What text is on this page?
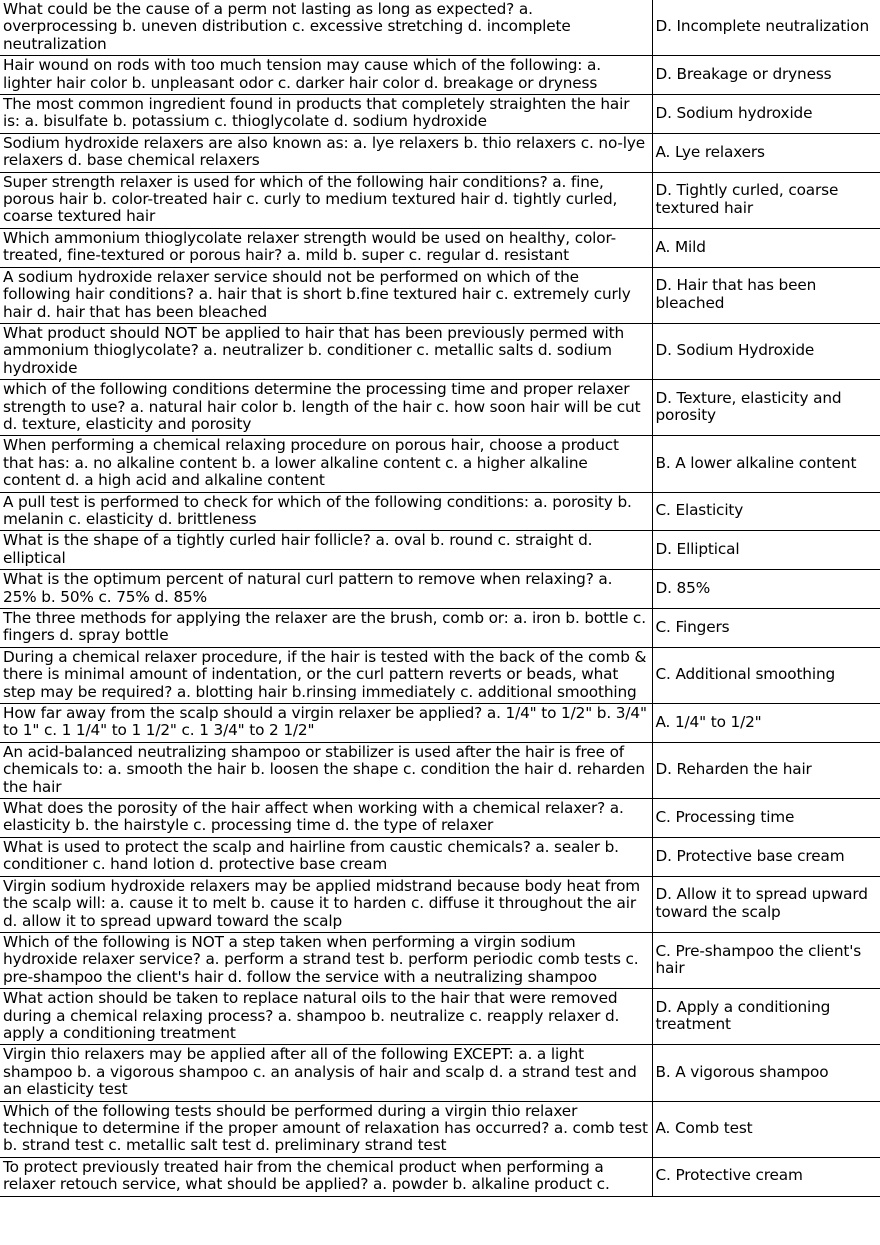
What could be the cause of a perm not lasting as long as expected? a. overprocessing b. uneven distribution c. excessive stretching d. incomplete neutralization	D. Incomplete neutralization
Hair wound on rods with too much tension may cause which of the following: a. lighter hair color b. unpleasant odor c. darker hair color d. breakage or dryness	D. Breakage or dryness
The most common ingredient found in products that completely straighten the hair is: a. bisulfate b. potassium c. thioglycolate d. sodium hydroxide	D. Sodium hydroxide
Sodium hydroxide relaxers are also known as: a. lye relaxers b. thio relaxers c. no-lye relaxers d. base chemical relaxers	A. Lye relaxers
Super strength relaxer is used for which of the following hair conditions? a. fine, porous hair b. color-treated hair c. curly to medium textured hair d. tightly curled, coarse textured hair	D. Tightly curled, coarse textured hair
Which ammonium thioglycolate relaxer strength would be used on healthy, color-treated, fine-textured or porous hair? a. mild b. super c. regular d. resistant	A. Mild
A sodium hydroxide relaxer service should not be performed on which of the following hair conditions? a. hair that is short b.fine textured hair c. extremely curly hair d. hair that has been bleached	D. Hair that has been bleached
What product should NOT be applied to hair that has been previously permed with ammonium thioglycolate? a. neutralizer b. conditioner c. metallic salts d. sodium hydroxide	D. Sodium Hydroxide
which of the following conditions determine the processing time and proper relaxer strength to use? a. natural hair color b. length of the hair c. how soon hair will be cut d. texture, elasticity and porosity	D. Texture, elasticity and porosity
When performing a chemical relaxing procedure on porous hair, choose a product that has: a. no alkaline content b. a lower alkaline content c. a higher alkaline content d. a high acid and alkaline content	B. A lower alkaline content
A pull test is performed to check for which of the following conditions: a. porosity b. melanin c. elasticity d. brittleness	C. Elasticity
What is the shape of a tightly curled hair follicle? a. oval b. round c. straight d. elliptical	D. Elliptical
What is the optimum percent of natural curl pattern to remove when relaxing? a. 25% b. 50% c. 75% d. 85%	D. 85%
The three methods for applying the relaxer are the brush, comb or: a. iron b. bottle c. fingers d. spray bottle	C. Fingers
During a chemical relaxer procedure, if the hair is tested with the back of the comb & there is minimal amount of indentation, or the curl pattern reverts or beads, what step may be required? a. blotting hair b.rinsing immediately c. additional smoothing	C. Additional smoothing
How far away from the scalp should a virgin relaxer be applied? a. 1/4" to 1/2" b. 3/4" to 1" c. 1 1/4" to 1 1/2" c. 1 3/4" to 2 1/2"	A. 1/4" to 1/2"
An acid-balanced neutralizing shampoo or stabilizer is used after the hair is free of chemicals to: a. smooth the hair b. loosen the shape c. condition the hair d. reharden the hair	D. Reharden the hair
What does the porosity of the hair affect when working with a chemical relaxer? a. elasticity b. the hairstyle c. processing time d. the type of relaxer	C. Processing time
What is used to protect the scalp and hairline from caustic chemicals? a. sealer b. conditioner c. hand lotion d. protective base cream	D. Protective base cream
Virgin sodium hydroxide relaxers may be applied midstrand because body heat from the scalp will: a. cause it to melt b. cause it to harden c. diffuse it throughout the air d. allow it to spread upward toward the scalp	D. Allow it to spread upward toward the scalp
Which of the following is NOT a step taken when performing a virgin sodium hydroxide relaxer service? a. perform a strand test b. perform periodic comb tests c. pre-shampoo the client's hair d. follow the service with a neutralizing shampoo	C. Pre-shampoo the client's hair
What action should be taken to replace natural oils to the hair that were removed during a chemical relaxing process? a. shampoo b. neutralize c. reapply relaxer d. apply a conditioning treatment	D. Apply a conditioning treatment
Virgin thio relaxers may be applied after all of the following EXCEPT: a. a light shampoo b. a vigorous shampoo c. an analysis of hair and scalp d. a strand test and an elasticity test	B. A vigorous shampoo
Which of the following tests should be performed during a virgin thio relaxer technique to determine if the proper amount of relaxation has occurred? a. comb test b. strand test c. metallic salt test d. preliminary strand test	A. Comb test
To protect previously treated hair from the chemical product when performing a relaxer retouch service, what should be applied? a. powder b. alkaline product c.	C. Protective cream
